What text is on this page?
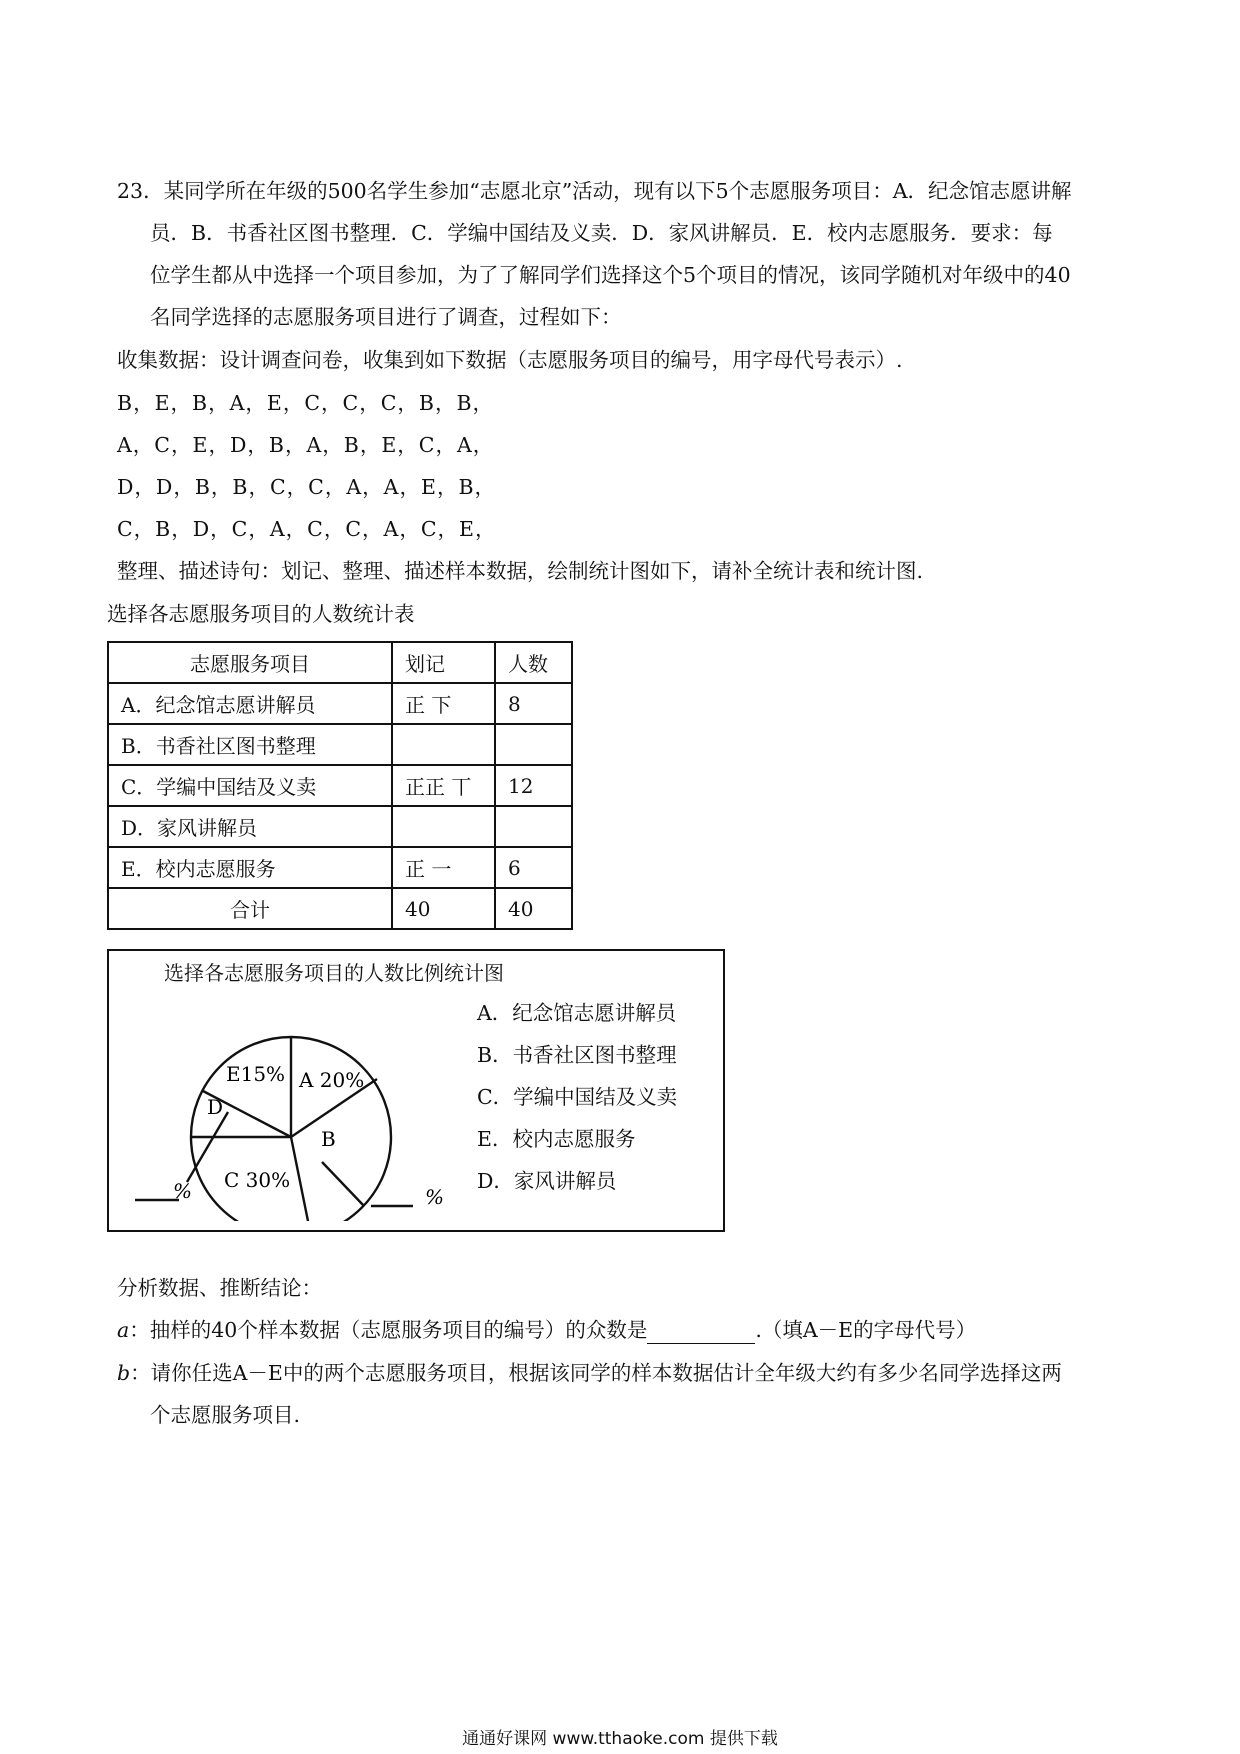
23．某同学所在年级的500名学生参加“志愿北京”活动，现有以下5个志愿服务项目：A．纪念馆志愿讲解
员．B．书香社区图书整理．C．学编中国结及义卖．D．家风讲解员．E．校内志愿服务．要求：每
位学生都从中选择一个项目参加，为了了解同学们选择这个5个项目的情况，该同学随机对年级中的40
名同学选择的志愿服务项目进行了调查，过程如下：
收集数据：设计调查问卷，收集到如下数据（志愿服务项目的编号，用字母代号表示）.
B，E，B，A，E，C，C，C，B，B，
A，C，E，D，B，A，B，E，C，A，
D，D，B，B，C，C，A，A，E，B，
C，B，D，C，A，C，C，A，C，E，
整理、描述诗句：划记、整理、描述样本数据，绘制统计图如下，请补全统计表和统计图.
选择各志愿服务项目的人数统计表
志愿服务项目	划记	人数
A．纪念馆志愿讲解员	正 下	8
B．书香社区图书整理		
C．学编中国结及义卖	正正 丅	12
D．家风讲解员		
E．校内志愿服务	正 一	6
合计	40	40
选择各志愿服务项目的人数比例统计图
E15% A 20%
D
B
C 30%
%	%
A．纪念馆志愿讲解员
B．书香社区图书整理
C．学编中国结及义卖
E．校内志愿服务
D．家风讲解员
分析数据、推断结论：
a：抽样的40个样本数据（志愿服务项目的编号）的众数是	.（填A－E的字母代号）
b：请你任选A－E中的两个志愿服务项目，根据该同学的样本数据估计全年级大约有多少名同学选择这两
个志愿服务项目.
通通好课网 www.tthaoke.com 提供下载
